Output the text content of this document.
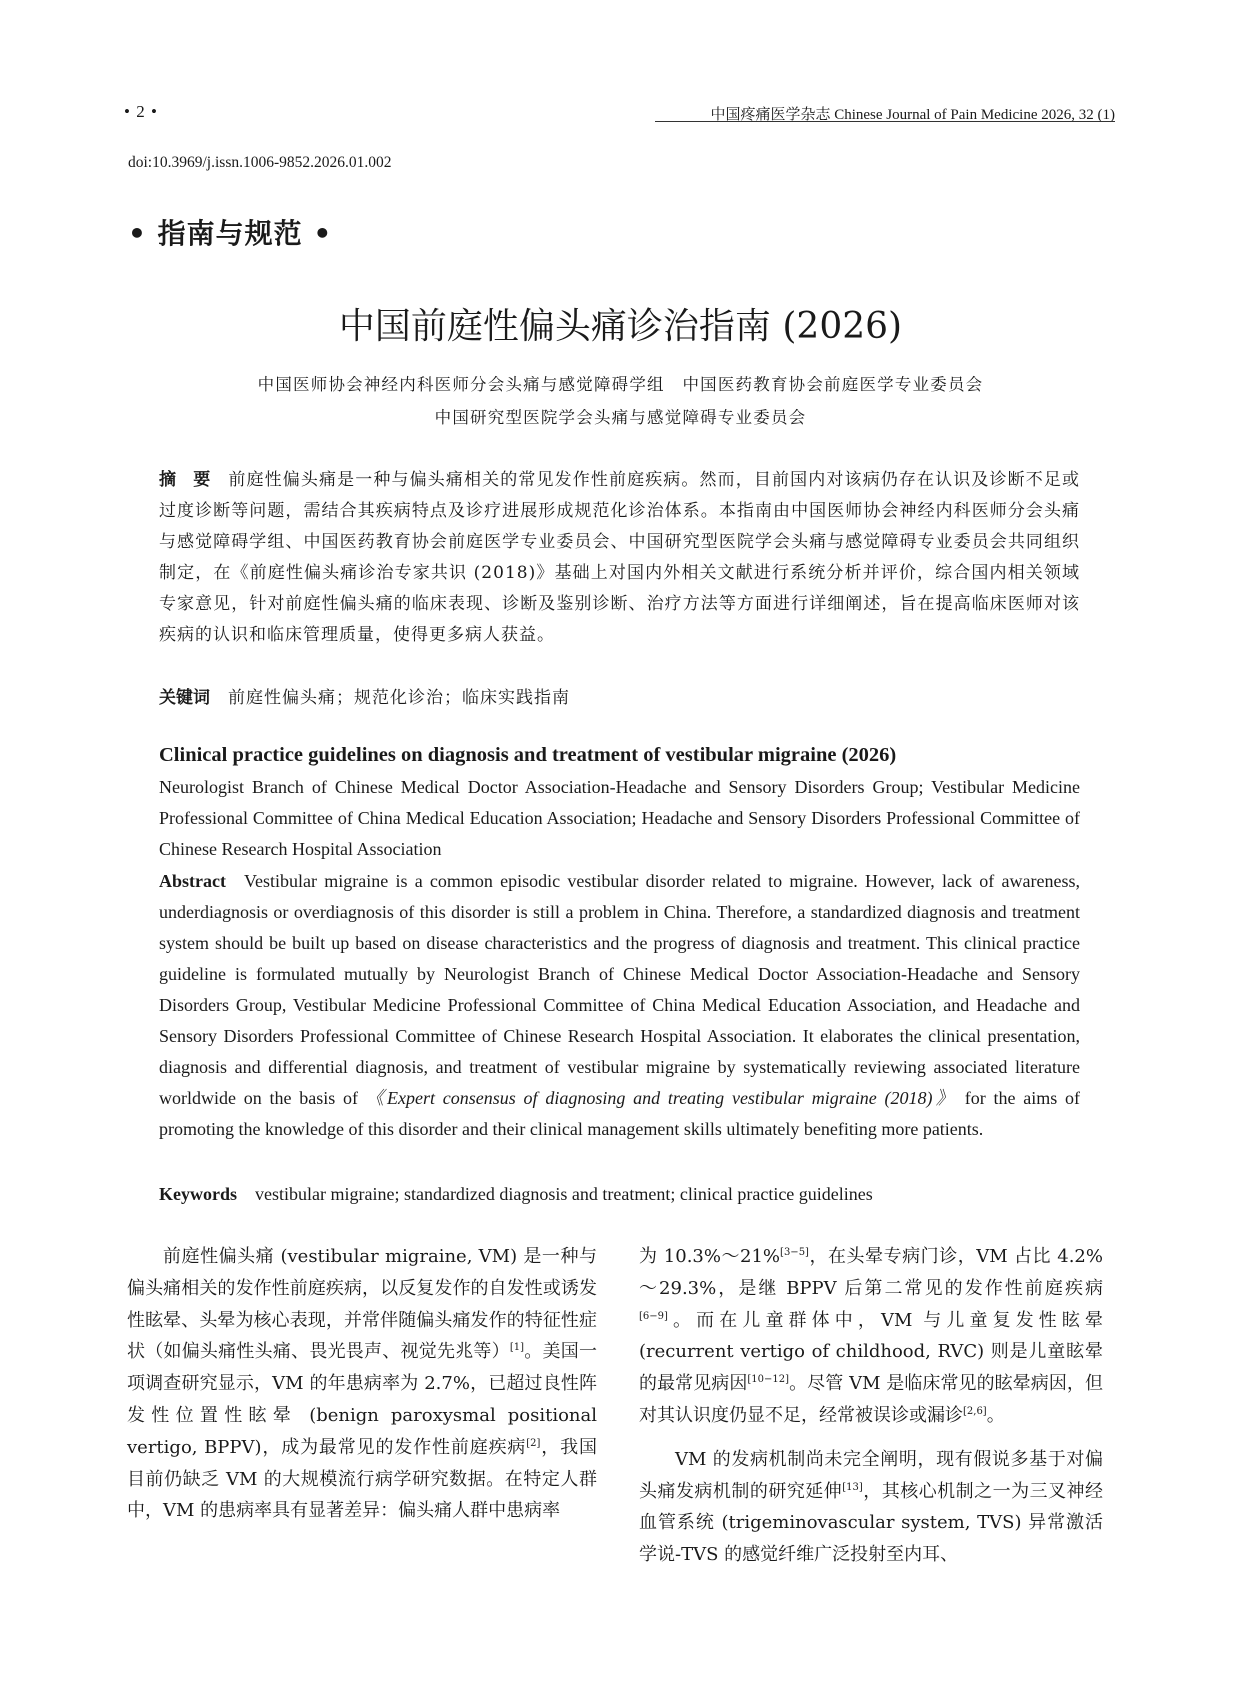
• 2 •	中国疼痛医学杂志 Chinese Journal of Pain Medicine 2026, 32 (1)
doi:10.3969/j.issn.1006-9852.2026.01.002
• 指南与规范 •
中国前庭性偏头痛诊治指南 (2026)
中国医师协会神经内科医师分会头痛与感觉障碍学组　中国医药教育协会前庭医学专业委员会
中国研究型医院学会头痛与感觉障碍专业委员会
摘　要 前庭性偏头痛是一种与偏头痛相关的常见发作性前庭疾病。然而，目前国内对该病仍存在认识及诊断不足或过度诊断等问题，需结合其疾病特点及诊疗进展形成规范化诊治体系。本指南由中国医师协会神经内科医师分会头痛与感觉障碍学组、中国医药教育协会前庭医学专业委员会、中国研究型医院学会头痛与感觉障碍专业委员会共同组织制定，在《前庭性偏头痛诊治专家共识 (2018)》基础上对国内外相关文献进行系统分析并评价，综合国内相关领域专家意见，针对前庭性偏头痛的临床表现、诊断及鉴别诊断、治疗方法等方面进行详细阐述，旨在提高临床医师对该疾病的认识和临床管理质量，使得更多病人获益。
关键词 前庭性偏头痛；规范化诊治；临床实践指南
Clinical practice guidelines on diagnosis and treatment of vestibular migraine (2026)
Neurologist Branch of Chinese Medical Doctor Association-Headache and Sensory Disorders Group; Vestibular Medicine Professional Committee of China Medical Education Association; Headache and Sensory Disorders Professional Committee of Chinese Research Hospital Association
Abstract Vestibular migraine is a common episodic vestibular disorder related to migraine. However, lack of awareness, underdiagnosis or overdiagnosis of this disorder is still a problem in China. Therefore, a standardized diagnosis and treatment system should be built up based on disease characteristics and the progress of diagnosis and treatment. This clinical practice guideline is formulated mutually by Neurologist Branch of Chinese Medical Doctor Association-Headache and Sensory Disorders Group, Vestibular Medicine Professional Committee of China Medical Education Association, and Headache and Sensory Disorders Professional Committee of Chinese Research Hospital Association. It elaborates the clinical presentation, diagnosis and differential diagnosis, and treatment of vestibular migraine by systematically reviewing associated literature worldwide on the basis of 《Expert consensus of diagnosing and treating vestibular migraine (2018)》 for the aims of promoting the knowledge of this disorder and their clinical management skills ultimately benefiting more patients.
Keywords vestibular migraine; standardized diagnosis and treatment; clinical practice guidelines

前庭性偏头痛 (vestibular migraine, VM) 是一种与偏头痛相关的发作性前庭疾病，以反复发作的自发性或诱发性眩晕、头晕为核心表现，并常伴随偏头痛发作的特征性症状（如偏头痛性头痛、畏光畏声、视觉先兆等）[1]。美国一项调查研究显示，VM 的年患病率为 2.7%，已超过良性阵发性位置性眩晕 (benign paroxysmal positional vertigo, BPPV)，成为最常见的发作性前庭疾病[2]，我国目前仍缺乏 VM 的大规模流行病学研究数据。在特定人群中，VM 的患病率具有显著差异：偏头痛人群中患病率

为 10.3%～21%[3−5]，在头晕专病门诊，VM 占比 4.2%～29.3%，是继 BPPV 后第二常见的发作性前庭疾病[6−9]。而在儿童群体中，VM 与儿童复发性眩晕 (recurrent vertigo of childhood, RVC) 则是儿童眩晕的最常见病因[10−12]。尽管 VM 是临床常见的眩晕病因，但对其认识度仍显不足，经常被误诊或漏诊[2,6]。

VM 的发病机制尚未完全阐明，现有假说多基于对偏头痛发病机制的研究延伸[13]，其核心机制之一为三叉神经血管系统 (trigeminovascular system, TVS) 异常激活学说-TVS 的感觉纤维广泛投射至内耳、
